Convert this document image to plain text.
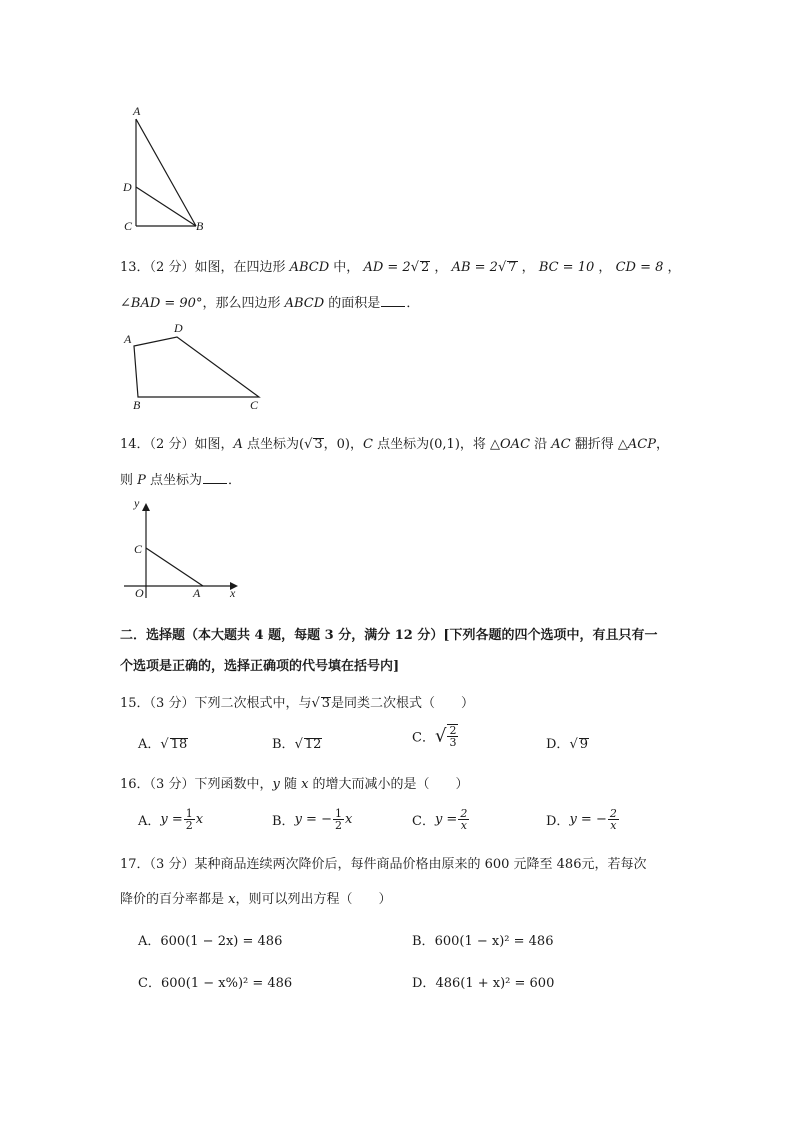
A
D
C	B
13．（2 分）如图，在四边形 ABCD 中， AD = 2√ 2 ， AB = 2√ 7 ， BC = 10 ， CD = 8 ，
∠BAD = 90°，那么四边形 ABCD 的面积是 ．
A
D
B	C
14．（2 分）如图，A 点坐标为(√ 3，0)，C 点坐标为(0,1)，将 △OAC 沿 AC 翻折得 △ACP，
则 P 点坐标为 ．
y
C
O	A x
二．选择题（本大题共 4 题，每题 3 分，满分 12 分）[下列各题的四个选项中，有且只有一
个选项是正确的，选择正确项的代号填在括号内]
15．（3 分）下列二次根式中，与√ 3是同类二次根式（　　）
A．√ 18	B．√ 12	C．√ $\frac{2}{3}$	D．√ 9
16．（3 分）下列函数中，y 随 x 的增大而减小的是（　　）
A．$y = \frac{1}{2}$ x	B．y = − $\frac{1}{2}$ x	C．$y = \frac{2}{x}$	D．y = − $\frac{2}{x}$
17．（3 分）某种商品连续两次降价后，每件商品价格由原来的 600 元降至 486元，若每次
降价的百分率都是 x，则可以列出方程（　　）
A．600(1 − 2x) = 486	B．600(1 − x)² = 486
C．600(1 − x%)² = 486	D．486(1 + x)² = 600
